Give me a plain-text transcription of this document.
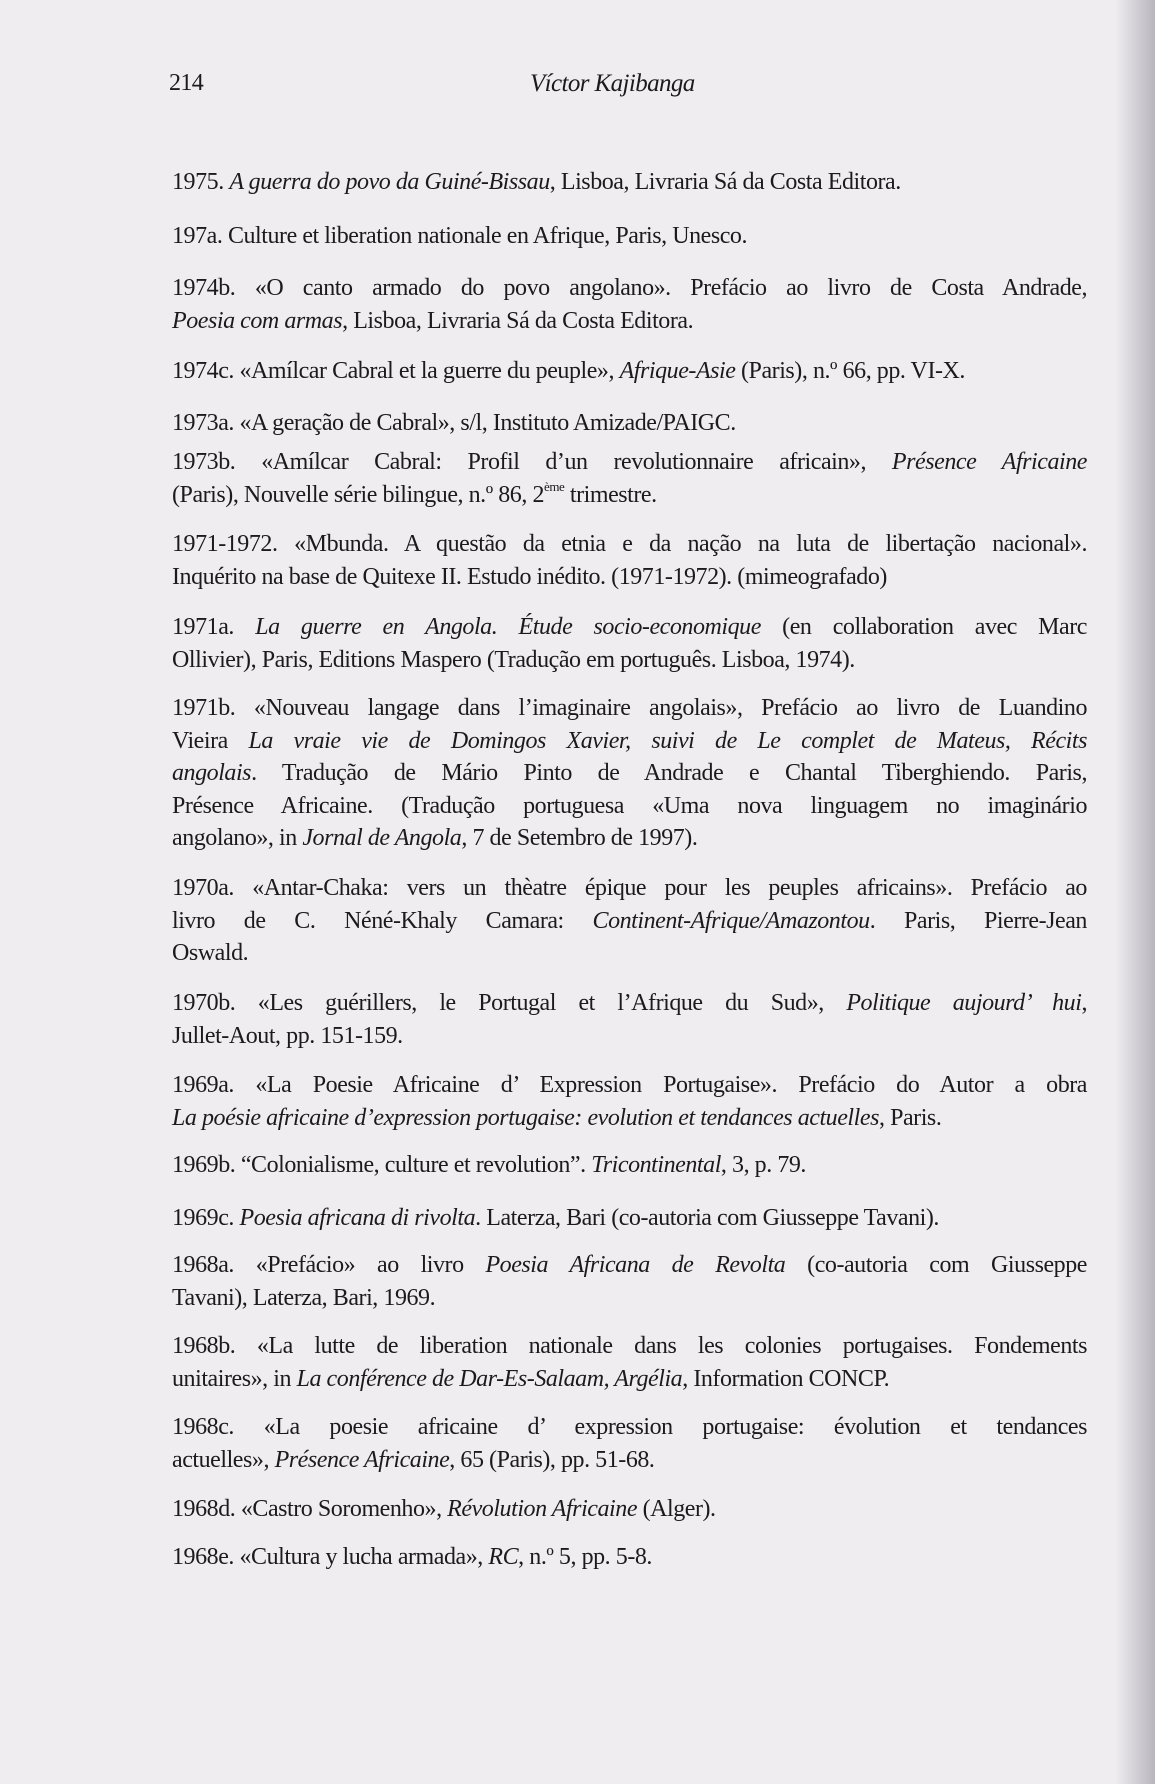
214	Víctor Kajibanga
1975. A guerra do povo da Guiné-Bissau, Lisboa, Livraria Sá da Costa Editora.
197a. Culture et liberation nationale en Afrique, Paris, Unesco.
1974b. «O canto armado do povo angolano». Prefácio ao livro de Costa Andrade,
Poesia com armas, Lisboa, Livraria Sá da Costa Editora.
1974c. «Amílcar Cabral et la guerre du peuple», Afrique-Asie (Paris), n.º 66, pp. VI-X.
1973a. «A geração de Cabral», s/l, Instituto Amizade/PAIGC.
1973b. «Amílcar Cabral: Profil d’un revolutionnaire africain», Présence Africaine
(Paris), Nouvelle série bilingue, n.º 86, 2ème trimestre.
1971-1972. «Mbunda. A questão da etnia e da nação na luta de libertação nacional».
Inquérito na base de Quitexe II. Estudo inédito. (1971-1972). (mimeografado)
1971a. La guerre en Angola. Étude socio-economique (en collaboration avec Marc
Ollivier), Paris, Editions Maspero (Tradução em português. Lisboa, 1974).
1971b. «Nouveau langage dans l’imaginaire angolais», Prefácio ao livro de Luandino
Vieira La vraie vie de Domingos Xavier, suivi de Le complet de Mateus, Récits
angolais. Tradução de Mário Pinto de Andrade e Chantal Tiberghiendo. Paris,
Présence Africaine. (Tradução portuguesa «Uma nova linguagem no imaginário
angolano», in Jornal de Angola, 7 de Setembro de 1997).
1970a. «Antar-Chaka: vers un thèatre épique pour les peuples africains». Prefácio ao
livro de C. Néné-Khaly Camara: Continent-Afrique/Amazontou. Paris, Pierre-Jean
Oswald.
1970b. «Les guérillers, le Portugal et l’Afrique du Sud», Politique aujourd’ hui,
Jullet-Aout, pp. 151-159.
1969a. «La Poesie Africaine d’ Expression Portugaise». Prefácio do Autor a obra
La poésie africaine d’expression portugaise: evolution et tendances actuelles, Paris.
1969b. “Colonialisme, culture et revolution”. Tricontinental, 3, p. 79.
1969c. Poesia africana di rivolta. Laterza, Bari (co-autoria com Giusseppe Tavani).
1968a. «Prefácio» ao livro Poesia Africana de Revolta (co-autoria com Giusseppe
Tavani), Laterza, Bari, 1969.
1968b. «La lutte de liberation nationale dans les colonies portugaises. Fondements
unitaires», in La conférence de Dar-Es-Salaam, Argélia, Information CONCP.
1968c. «La poesie africaine d’ expression portugaise: évolution et tendances
actuelles», Présence Africaine, 65 (Paris), pp. 51-68.
1968d. «Castro Soromenho», Révolution Africaine (Alger).
1968e. «Cultura y lucha armada», RC, n.º 5, pp. 5-8.
